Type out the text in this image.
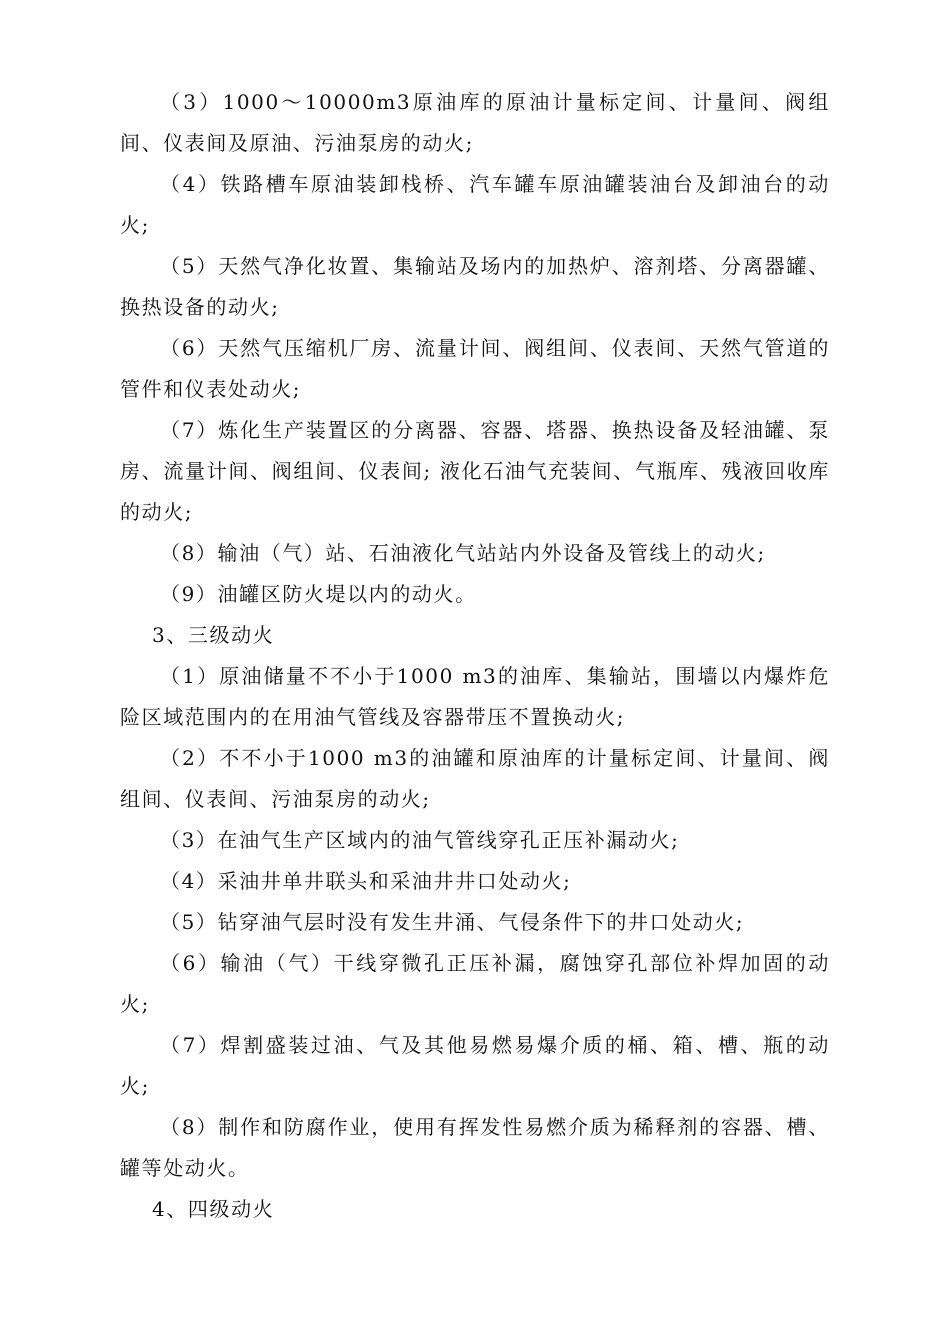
（3）1000～10000m3原油库的原油计量标定间、计量间、阀组间、仪表间及原油、污油泵房的动火;

（4）铁路槽车原油装卸栈桥、汽车罐车原油罐装油台及卸油台的动火;

（5）天然气净化妆置、集输站及场内的加热炉、溶剂塔、分离器罐、换热设备的动火;

（6）天然气压缩机厂房、流量计间、阀组间、仪表间、天然气管道的管件和仪表处动火;

（7）炼化生产装置区的分离器、容器、塔器、换热设备及轻油罐、泵房、流量计间、阀组间、仪表间; 液化石油气充装间、气瓶库、残液回收库的动火;

（8）输油（气）站、石油液化气站站内外设备及管线上的动火;

（9）油罐区防火堤以内的动火。

3、三级动火

（1）原油储量不不小于1000 m3的油库、集输站，围墙以内爆炸危险区域范围内的在用油气管线及容器带压不置换动火;

（2）不不小于1000 m3的油罐和原油库的计量标定间、计量间、阀组间、仪表间、污油泵房的动火;

（3）在油气生产区域内的油气管线穿孔正压补漏动火;

（4）采油井单井联头和采油井井口处动火;

（5）钻穿油气层时没有发生井涌、气侵条件下的井口处动火;

（6）输油（气）干线穿微孔正压补漏，腐蚀穿孔部位补焊加固的动火;

（7）焊割盛装过油、气及其他易燃易爆介质的桶、箱、槽、瓶的动火;

（8）制作和防腐作业，使用有挥发性易燃介质为稀释剂的容器、槽、罐等处动火。

4、四级动火
